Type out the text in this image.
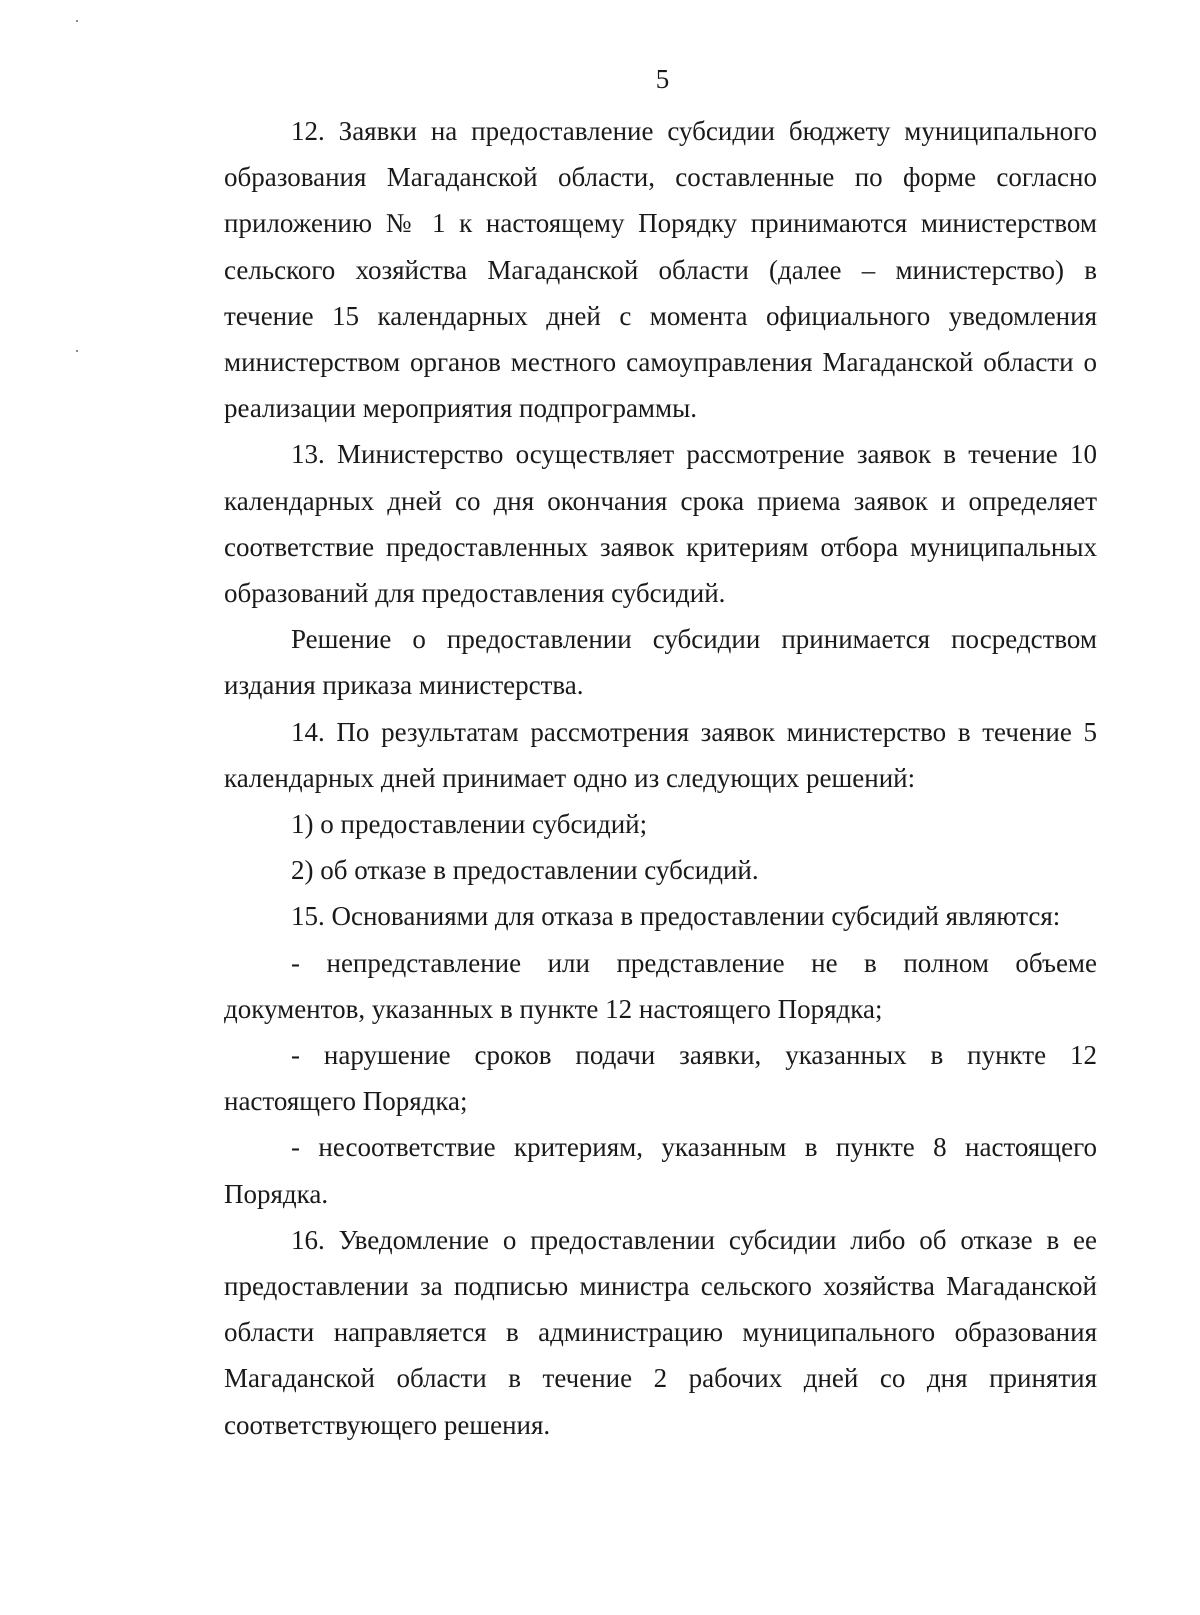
5

12. Заявки на предоставление субсидии бюджету муниципального образования Магаданской области, составленные по форме согласно приложению № 1 к настоящему Порядку принимаются министерством сельского хозяйства Магаданской области (далее – министерство) в течение 15 календарных дней с момента официального уведомления министерством органов местного самоуправления Магаданской области о реализации мероприятия подпрограммы.

13. Министерство осуществляет рассмотрение заявок в течение 10 календарных дней со дня окончания срока приема заявок и определяет соответствие предоставленных заявок критериям отбора муниципальных образований для предоставления субсидий.

Решение о предоставлении субсидии принимается посредством издания приказа министерства.

14. По результатам рассмотрения заявок министерство в течение 5 календарных дней принимает одно из следующих решений:

1) о предоставлении субсидий;

2) об отказе в предоставлении субсидий.

15. Основаниями для отказа в предоставлении субсидий являются:

- непредставление или представление не в полном объеме документов, указанных в пункте 12 настоящего Порядка;

- нарушение сроков подачи заявки, указанных в пункте 12 настоящего Порядка;

- несоответствие критериям, указанным в пункте 8 настоящего Порядка.

16. Уведомление о предоставлении субсидии либо об отказе в ее предоставлении за подписью министра сельского хозяйства Магаданской области направляется в администрацию муниципального образования Магаданской области в течение 2 рабочих дней со дня принятия соответствующего решения.
